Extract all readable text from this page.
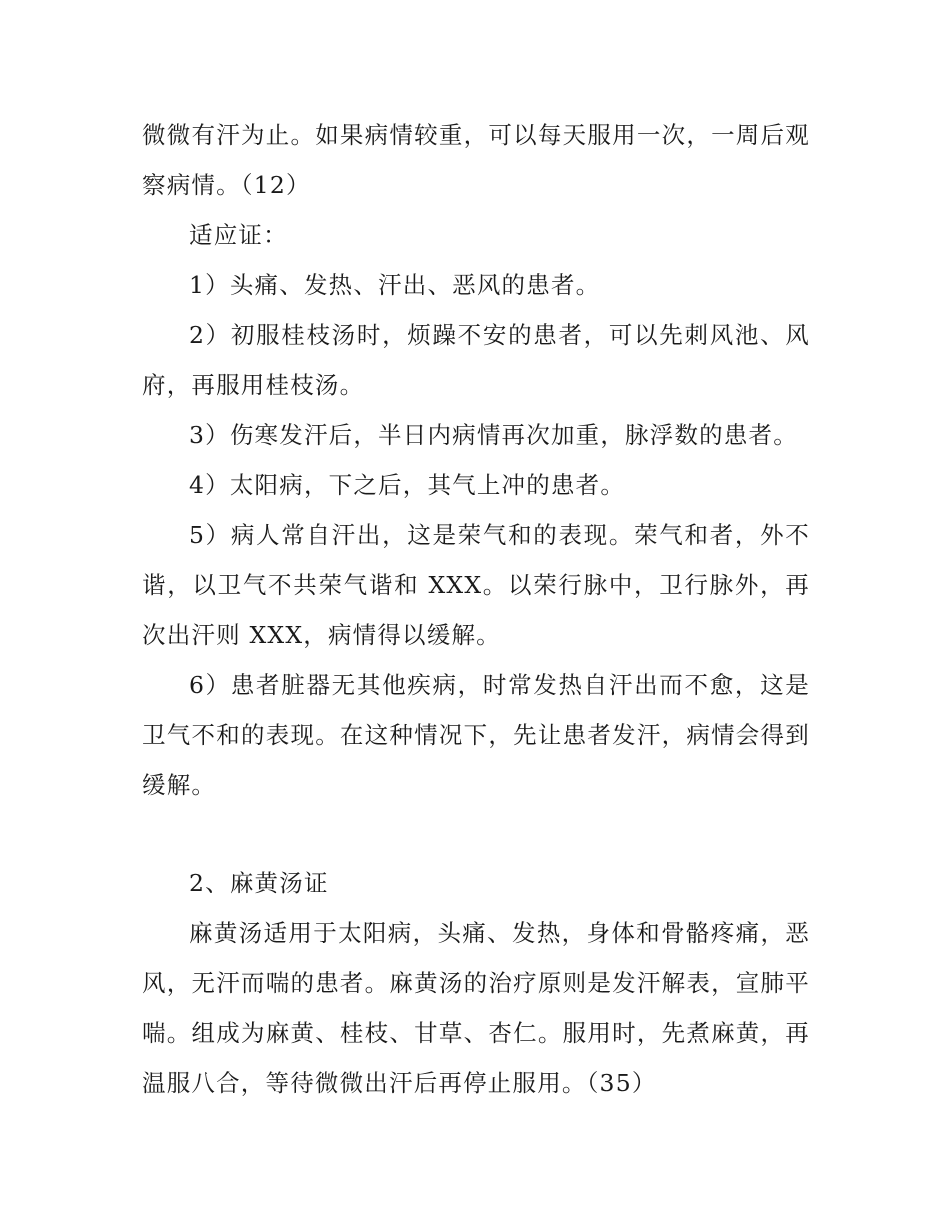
微微有汗为止。如果病情较重，可以每天服用一次，一周后观察病情。（12）

适应证：

1）头痛、发热、汗出、恶风的患者。

2）初服桂枝汤时，烦躁不安的患者，可以先刺风池、风府，再服用桂枝汤。

3）伤寒发汗后，半日内病情再次加重，脉浮数的患者。

4）太阳病，下之后，其气上冲的患者。

5）病人常自汗出，这是荣气和的表现。荣气和者，外不谐，以卫气不共荣气谐和 XXX。以荣行脉中，卫行脉外，再次出汗则 XXX，病情得以缓解。

6）患者脏器无其他疾病，时常发热自汗出而不愈，这是卫气不和的表现。在这种情况下，先让患者发汗，病情会得到缓解。

2、麻黄汤证

麻黄汤适用于太阳病，头痛、发热，身体和骨骼疼痛，恶风，无汗而喘的患者。麻黄汤的治疗原则是发汗解表，宣肺平喘。组成为麻黄、桂枝、甘草、杏仁。服用时，先煮麻黄，再温服八合，等待微微出汗后再停止服用。（35）
